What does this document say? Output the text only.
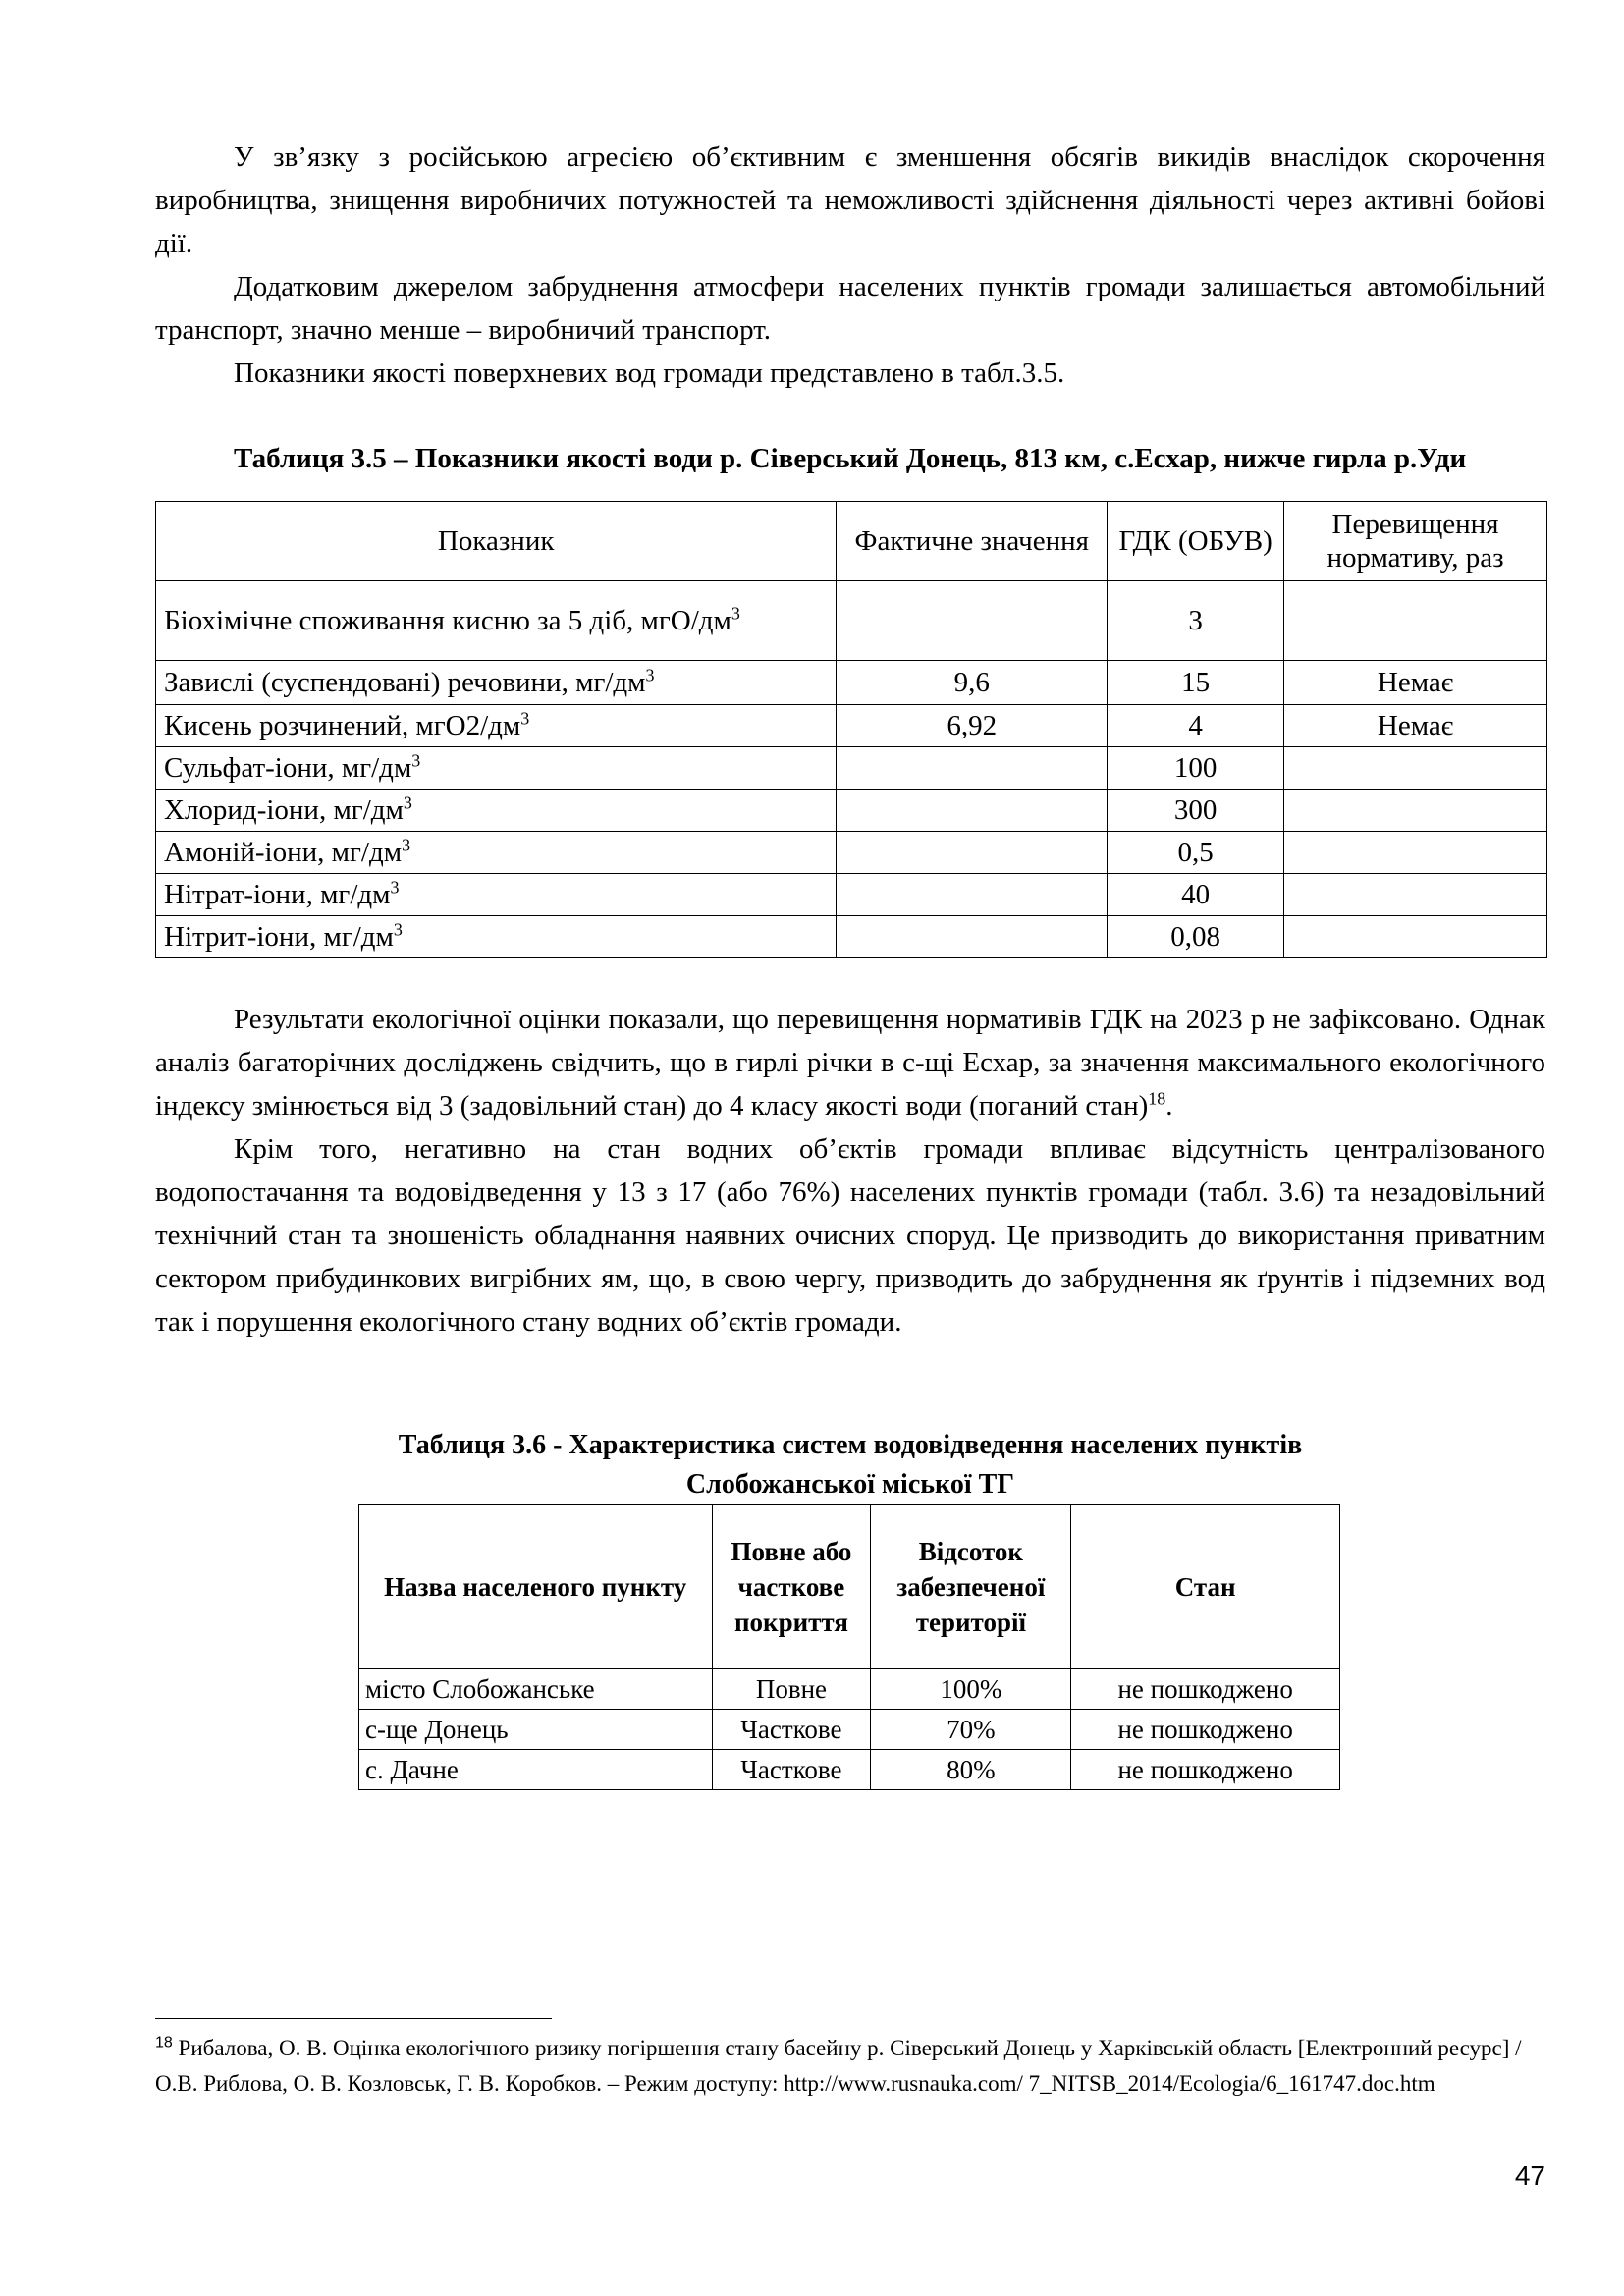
У зв’язку з російською агресією об’єктивним є зменшення обсягів викидів внаслідок скорочення виробництва, знищення виробничих потужностей та неможливості здійснення діяльності через активні бойові дії.

Додатковим джерелом забруднення атмосфери населених пунктів громади залишається автомобільний транспорт, значно менше – виробничий транспорт.

Показники якості поверхневих вод громади представлено в табл.3.5.

Таблиця 3.5 – Показники якості води р. Сіверський Донець, 813 км, с.Есхар, нижче гирла р.Уди

Показник	Фактичне значення	ГДК (ОБУВ)	Перевищення нормативу, раз
Біохімічне споживання кисню за 5 діб, мгО/$дм^3$		3	
Завислі (суспендовані) речовини, $мг/дм^3$	9,6	15	Немає
Кисень розчинений, $мгО2/дм^3$	6,92	4	Немає
Сульфат-іони, $мг/дм^3$		100	
Хлорид-іони, $мг/дм^3$		300	
Амоній-іони, $мг/дм^3$		0,5	
Нітрат-іони, $мг/дм^3$		40	
Нітрит-іони, $мг/дм^3$		0,08	

Результати екологічної оцінки показали, що перевищення нормативів ГДК на 2023 р не зафіксовано. Однак аналіз багаторічних досліджень свідчить, що в гирлі річки в с-щі Есхар, за значення максимального екологічного індексу змінюється від 3 (задовільний стан) до 4 класу якості води (поганий стан)$^{18}$.

Крім того, негативно на стан водних об’єктів громади впливає відсутність централізованого водопостачання та водовідведення у 13 з 17 (або 76%) населених пунктів громади (табл. 3.6) та незадовільний технічний стан та зношеність обладнання наявних очисних споруд. Це призводить до використання приватним сектором прибудинкових вигрібних ям, що, в свою чергу, призводить до забруднення як ґрунтів і підземних вод так і порушення екологічного стану водних об’єктів громади.

Таблиця 3.6 - Характеристика систем водовідведення населених пунктів
Слобожанської міської ТГ

Назва населеного пункту	Повне або часткове покриття	Відсоток забезпеченої території	Стан
місто Слобожанське	Повне	100%	не пошкоджено
с-ще Донець	Часткове	70%	не пошкоджено
с. Дачне	Часткове	80%	не пошкоджено
$^{18}$ Рибалова, О. В. Оцінка екологічного ризику погіршення стану басейну р. Сіверський Донець у Харківській область [Електронний ресурс] / О.В. Риблова, О. В. Козловськ, Г. В. Коробков. – Режим доступу: http://www.rusnauka.com/ 7_NITSB_2014/Ecologia/6_161747.doc.htm
47
